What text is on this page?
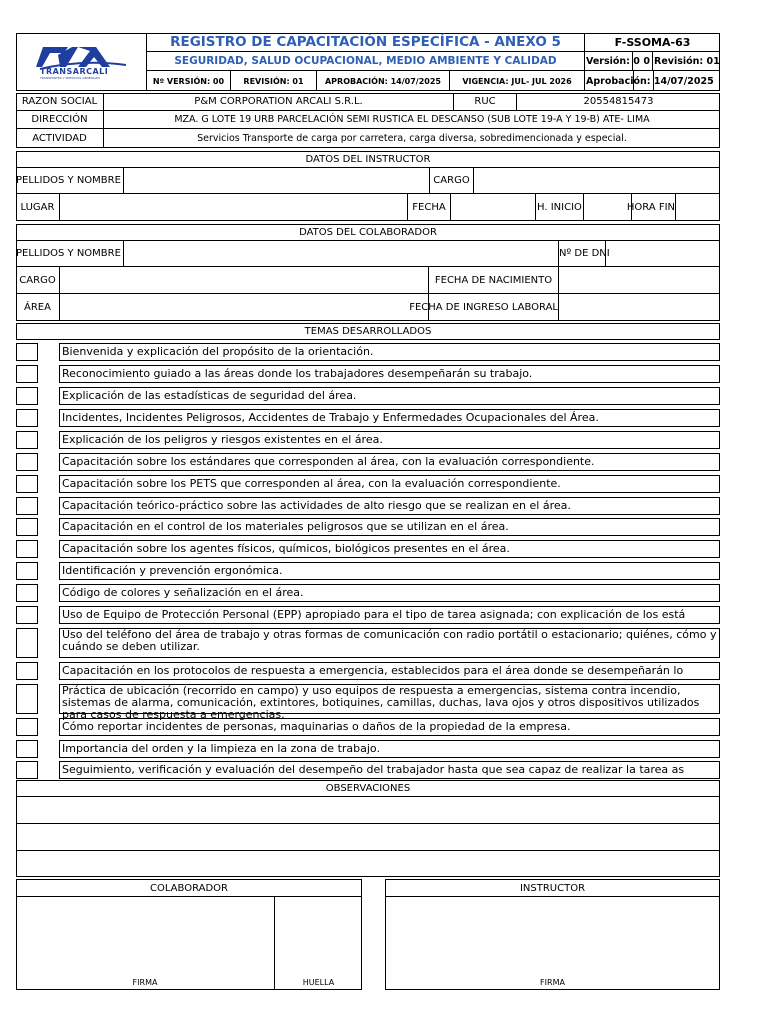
TRANSARCALI
TRANSPORTES Y SERVICIOS GENERALES
REGISTRO DE CAPACITACIÒN ESPECÍFICA - ANEXO 5
SEGURIDAD, SALUD OCUPACIONAL, MEDIO AMBIENTE Y CALIDAD
Nº VERSIÓN: 00	REVISIÓN: 01	APROBACIÓN: 14/07/2025	VIGENCIA: JUL- JUL 2026
F-SSOMA-63
Versión: 0 0 Revisión: 01
Aprobación: 14/07/2025
RAZON SOCIAL	P&M CORPORATION ARCALI S.R.L.	RUC	20554815473
DIRECCIÓN	MZA. G LOTE 19 URB PARCELACIÓN SEMI RUSTICA EL DESCANSO (SUB LOTE 19-A Y 19-B) ATE- LIMA
ACTIVIDAD	Servicios Transporte de carga por carretera, carga diversa, sobredimencionada y especial.
DATOS DEL INSTRUCTOR
PELLIDOS Y NOMBRE	CARGO
LUGAR	FECHA	H. INICIO	HORA FIN
DATOS DEL COLABORADOR
PELLIDOS Y NOMBRE	Nº DE DNI
CARGO	FECHA DE NACIMIENTO
ÁREA	FECHA DE INGRESO LABORAL
TEMAS DESARROLLADOS
Bienvenida y explicación del propósito de la orientación.
Reconocimiento guiado a las áreas donde los trabajadores desempeñarán su trabajo.
Explicación de las estadísticas de seguridad del área.
Incidentes, Incidentes Peligrosos, Accidentes de Trabajo y Enfermedades Ocupacionales del Área.
Explicación de los peligros y riesgos existentes en el área.
Capacitación sobre los estándares que corresponden al área, con la evaluación correspondiente.
Capacitación sobre los PETS que corresponden al área, con la evaluación correspondiente.
Capacitación teórico-práctico sobre las actividades de alto riesgo que se realizan en el área.
Capacitación en el control de los materiales peligrosos que se utilizan en el área.
Capacitación sobre los agentes físicos, químicos, biológicos presentes en el área.
Identificación y prevención ergonómica.
Código de colores y señalización en el área.
Uso de Equipo de Protección Personal (EPP) apropiado para el tipo de tarea asignada; con explicación de los está
Uso del teléfono del área de trabajo y otras formas de comunicación con radio portátil o estacionario; quiénes, cómo y cuándo se deben utilizar.
Capacitación en los protocolos de respuesta a emergencia, establecidos para el área donde se desempeñarán lo
Práctica de ubicación (recorrido en campo) y uso equipos de respuesta a emergencias, sistema contra incendio, sistemas de alarma, comunicación, extintores, botiquines, camillas, duchas, lava ojos y otros dispositivos utilizados para casos de respuesta a emergencias.
Cómo reportar incidentes de personas, maquinarias o daños de la propiedad de la empresa.
Importancia del orden y la limpieza en la zona de trabajo.
Seguimiento, verificación y evaluación del desempeño del trabajador hasta que sea capaz de realizar la tarea as
OBSERVACIONES
COLABORADOR
FIRMA	HUELLA
INSTRUCTOR
FIRMA
